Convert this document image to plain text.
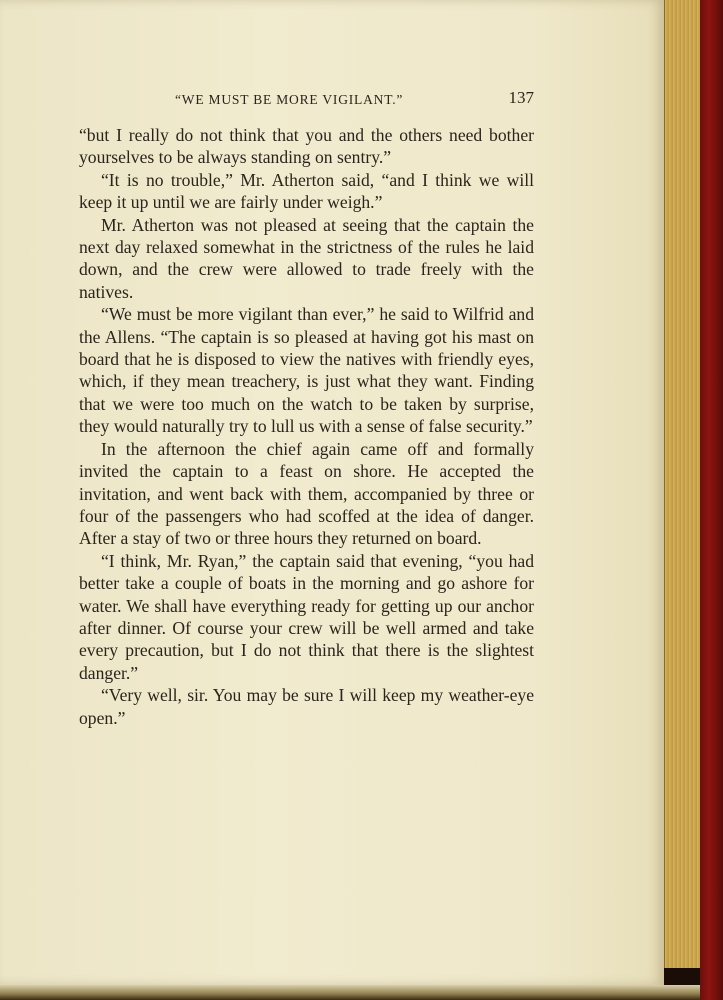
“WE MUST BE MORE VIGILANT.”	137

“but I really do not think that you and the others need bother yourselves to be always standing on sentry.”

“It is no trouble,” Mr. Atherton said, “and I think we will keep it up until we are fairly under weigh.”

Mr. Atherton was not pleased at seeing that the captain the next day relaxed somewhat in the strictness of the rules he laid down, and the crew were allowed to trade freely with the natives.

“We must be more vigilant than ever,” he said to Wilfrid and the Allens. “The captain is so pleased at having got his mast on board that he is disposed to view the natives with friendly eyes, which, if they mean treachery, is just what they want. Finding that we were too much on the watch to be taken by surprise, they would naturally try to lull us with a sense of false security.”

In the afternoon the chief again came off and formally invited the captain to a feast on shore. He accepted the invitation, and went back with them, accompanied by three or four of the passengers who had scoffed at the idea of danger. After a stay of two or three hours they returned on board.

“I think, Mr. Ryan,” the captain said that evening, “you had better take a couple of boats in the morning and go ashore for water. We shall have everything ready for getting up our anchor after dinner. Of course your crew will be well armed and take every precaution, but I do not think that there is the slightest danger.”

“Very well, sir. You may be sure I will keep my weather-eye open.”
